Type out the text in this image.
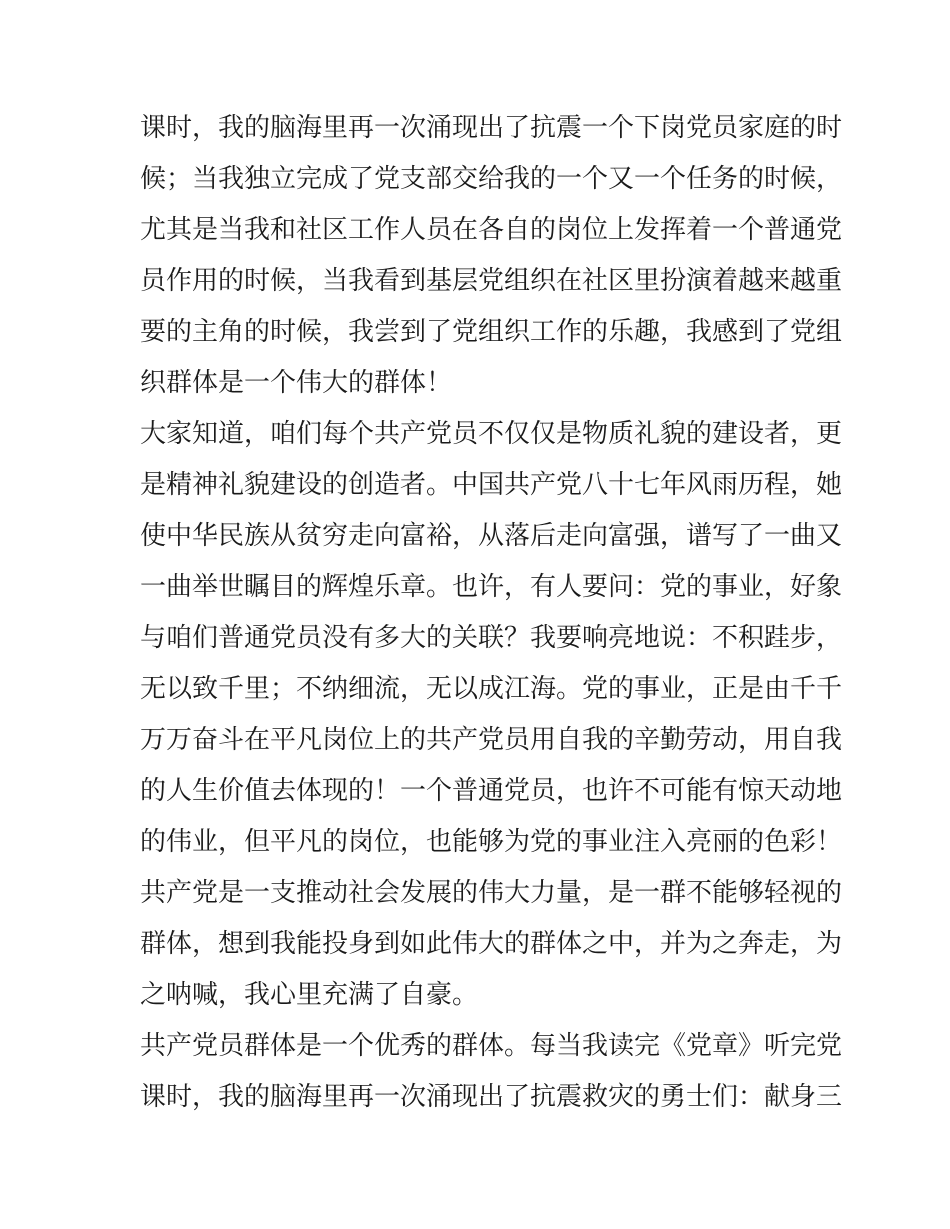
课时，我的脑海里再一次涌现出了抗震一个下岗党员家庭的时
候；当我独立完成了党支部交给我的一个又一个任务的时候，
尤其是当我和社区工作人员在各自的岗位上发挥着一个普通党
员作用的时候，当我看到基层党组织在社区里扮演着越来越重
要的主角的时候，我尝到了党组织工作的乐趣，我感到了党组
织群体是一个伟大的群体！
大家知道，咱们每个共产党员不仅仅是物质礼貌的建设者，更
是精神礼貌建设的创造者。中国共产党八十七年风雨历程，她
使中华民族从贫穷走向富裕，从落后走向富强，谱写了一曲又
一曲举世瞩目的辉煌乐章。也许，有人要问：党的事业，好象
与咱们普通党员没有多大的关联？我要响亮地说：不积跬步，
无以致千里；不纳细流，无以成江海。党的事业，正是由千千
万万奋斗在平凡岗位上的共产党员用自我的辛勤劳动，用自我
的人生价值去体现的！一个普通党员，也许不可能有惊天动地
的伟业，但平凡的岗位，也能够为党的事业注入亮丽的色彩！
共产党是一支推动社会发展的伟大力量，是一群不能够轻视的
群体，想到我能投身到如此伟大的群体之中，并为之奔走，为
之呐喊，我心里充满了自豪。
共产党员群体是一个优秀的群体。每当我读完《党章》听完党
课时，我的脑海里再一次涌现出了抗震救灾的勇士们：献身三
